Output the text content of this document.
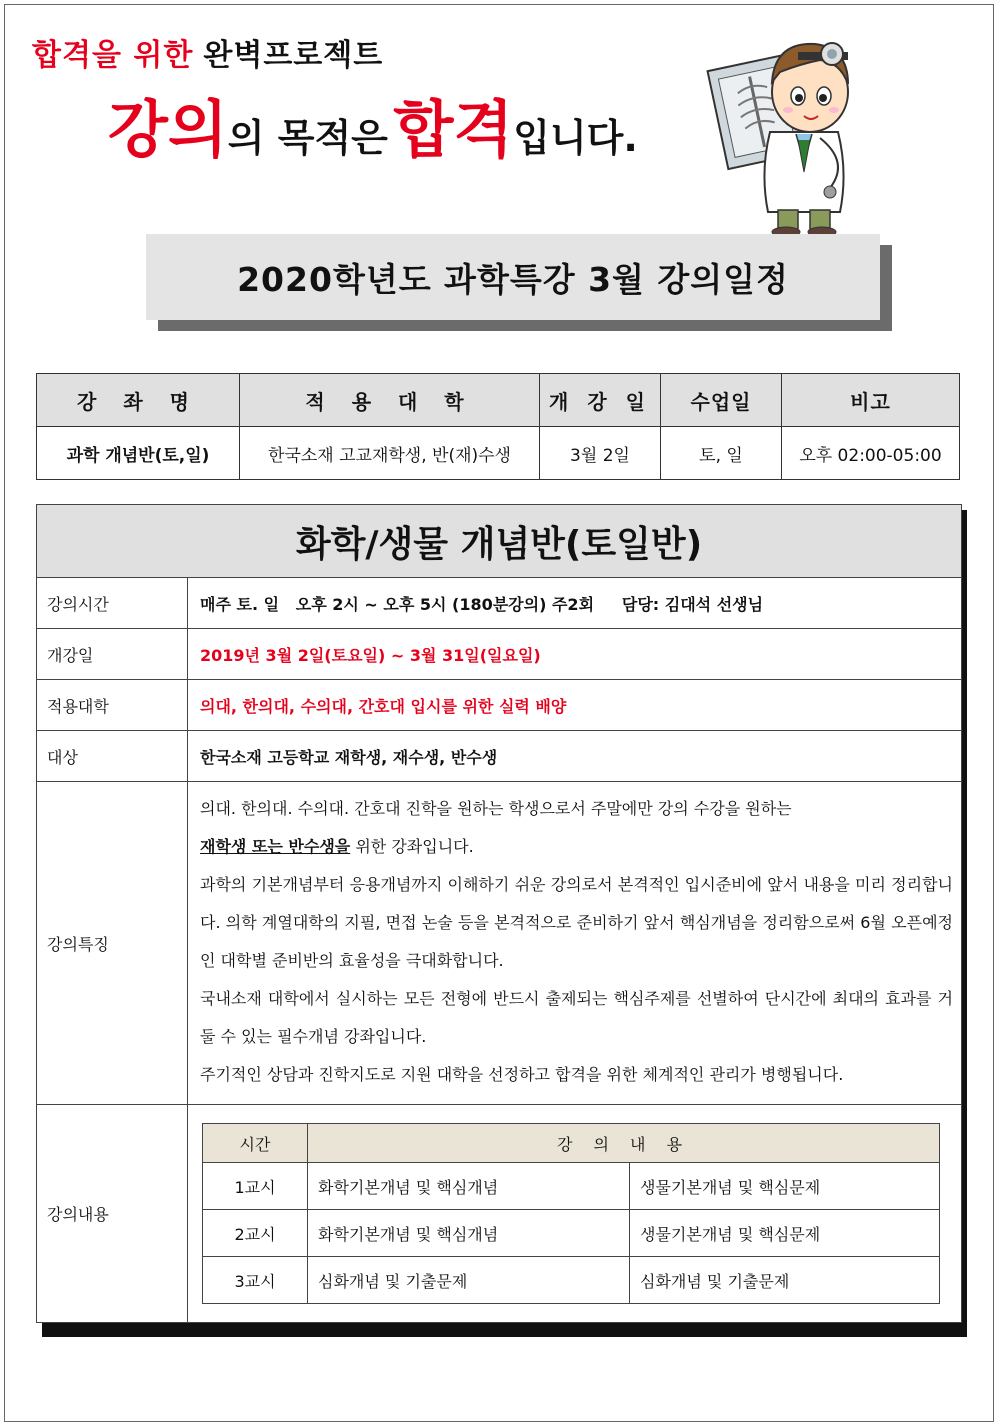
합격을 위한 완벽프로젝트
강의의 목적은 합격입니다.
2020학년도 과학특강 3월 강의일정
강 좌 명	적 용 대 학	개 강 일	수업일	비고
과학 개념반(토,일)	한국소재 고교재학생, 반(재)수생	3월 2일	토, 일	오후 02:00-05:00
화학/생물 개념반(토일반)
강의시간	매주 토. 일   오후 2시 ~ 오후 5시 (180분강의) 주2회     담당: 김대석 선생님
개강일	2019년 3월 2일(토요일) ~ 3월 31일(일요일)
적용대학	의대, 한의대, 수의대, 간호대 입시를 위한 실력 배양
대상	한국소재 고등학교 재학생, 재수생, 반수생
강의특징	
의대. 한의대. 수의대. 간호대 진학을 원하는 학생으로서 주말에만 강의 수강을 원하는
재학생 또는 반수생을 위한 강좌입니다.
과학의 기본개념부터 응용개념까지 이해하기 쉬운 강의로서 본격적인 입시준비에 앞서 내용을 미리 정리합니다. 의학 계열대학의 지필, 면접 논술 등을 본격적으로 준비하기 앞서 핵심개념을 정리함으로써 6월 오픈예정인 대학별 준비반의 효율성을 극대화합니다.
국내소재 대학에서 실시하는 모든 전형에 반드시 출제되는 핵심주제를 선별하여 단시간에 최대의 효과를 거둘 수 있는 필수개념 강좌입니다.
주기적인 상담과 진학지도로 지원 대학을 선정하고 합격을 위한 체계적인 관리가 병행됩니다.

강의내용	
시간	강 의 내 용
1교시	화학기본개념 및 핵심개념	생물기본개념 및 핵심문제
2교시	화학기본개념 및 핵심개념	생물기본개념 및 핵심문제
3교시	심화개념 및 기출문제	심화개념 및 기출문제
